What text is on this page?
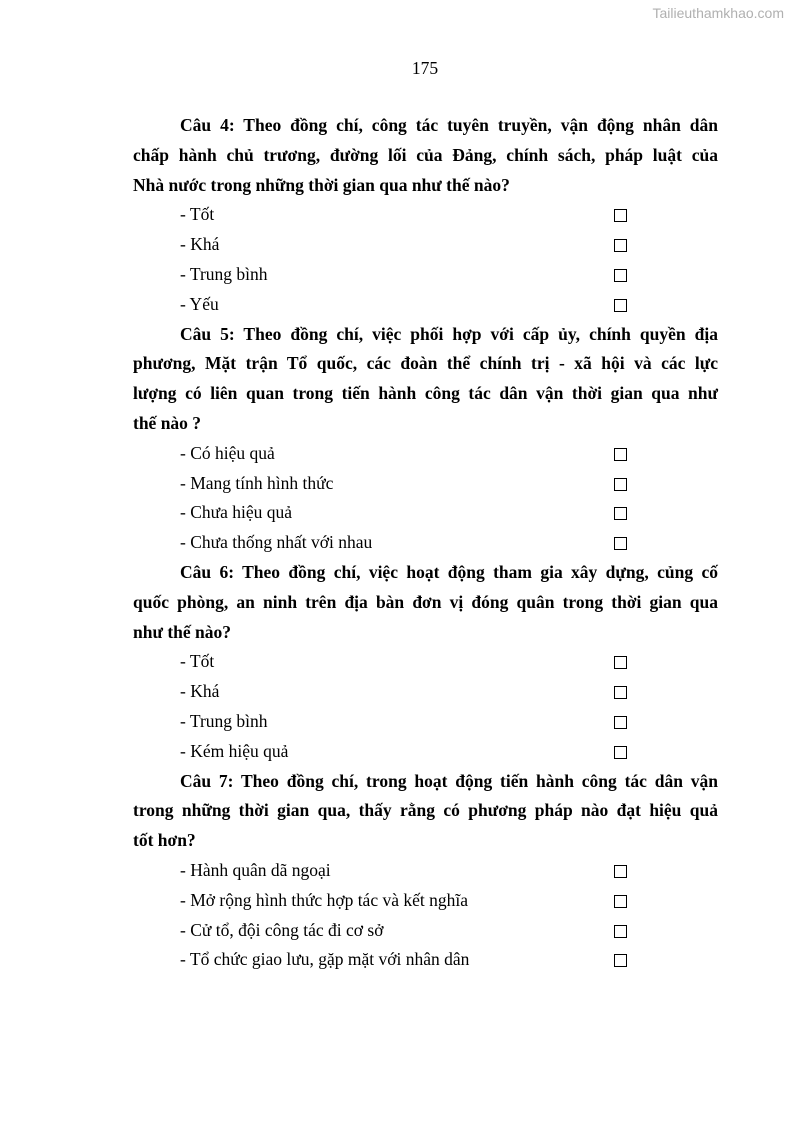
Tailieuthamkhao.com
175
Câu 4: Theo đồng chí, công tác tuyên truyền, vận động nhân dân
chấp hành chủ trương, đường lối của Đảng, chính sách, pháp luật của
Nhà nước trong những thời gian qua như thế nào?
- Tốt
- Khá
- Trung bình
- Yếu
Câu 5: Theo đồng chí, việc phối hợp với cấp ủy, chính quyền địa
phương, Mặt trận Tổ quốc, các đoàn thể chính trị - xã hội và các lực
lượng có liên quan trong tiến hành công tác dân vận thời gian qua như
thế nào ?
- Có hiệu quả
- Mang tính hình thức
- Chưa hiệu quả
- Chưa thống nhất với nhau
Câu 6: Theo đồng chí, việc hoạt động tham gia xây dựng, củng cố
quốc phòng, an ninh trên địa bàn đơn vị đóng quân trong thời gian qua
như thế nào?
- Tốt
- Khá
- Trung bình
- Kém hiệu quả
Câu 7: Theo đồng chí, trong hoạt động tiến hành công tác dân vận
trong những thời gian qua, thấy rằng có phương pháp nào đạt hiệu quả
tốt hơn?
- Hành quân dã ngoại
- Mở rộng hình thức hợp tác và kết nghĩa
- Cử tổ, đội công tác đi cơ sở
- Tổ chức giao lưu, gặp mặt với nhân dân
